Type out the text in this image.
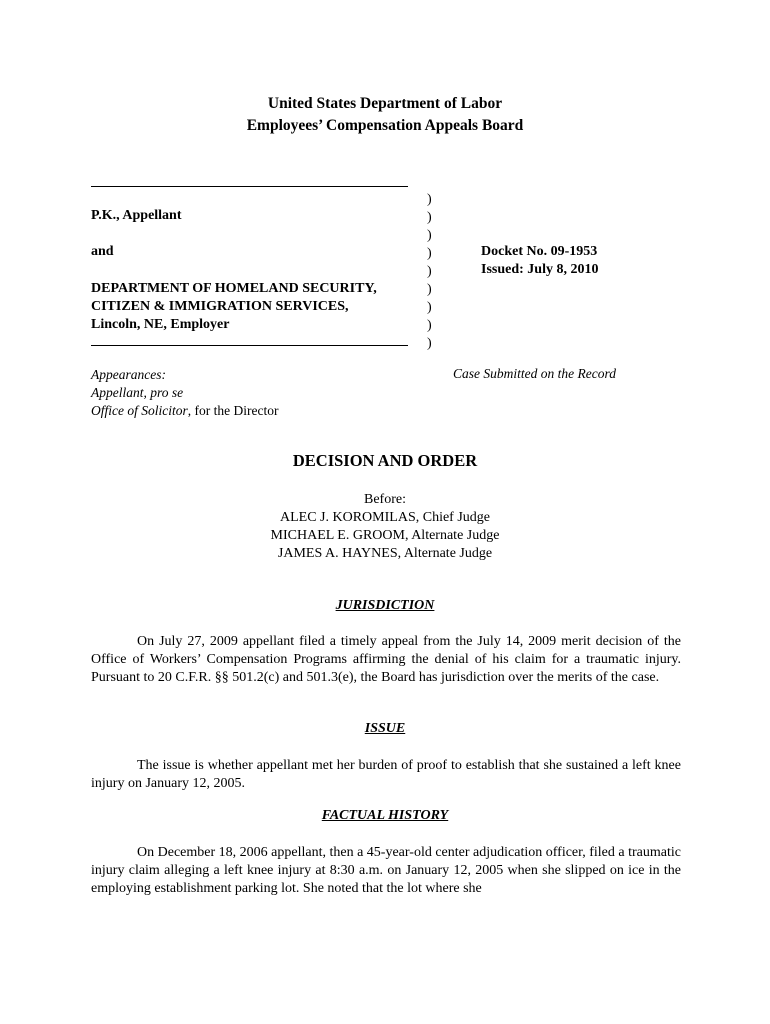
United States Department of Labor
Employees’ Compensation Appeals Board
P.K., Appellant
and
DEPARTMENT OF HOMELAND SECURITY,
CITIZEN & IMMIGRATION SERVICES,
Lincoln, NE, Employer
)
)
)
)
)
)
)
)
)
Docket No. 09-1953
Issued: July 8, 2010
Appearances:
Appellant, pro se
Office of Solicitor, for the Director
Case Submitted on the Record
DECISION AND ORDER
Before:
ALEC J. KOROMILAS, Chief Judge
MICHAEL E. GROOM, Alternate Judge
JAMES A. HAYNES, Alternate Judge
JURISDICTION
On July 27, 2009 appellant filed a timely appeal from the July 14, 2009 merit decision of the Office of Workers’ Compensation Programs affirming the denial of his claim for a traumatic injury. Pursuant to 20 C.F.R. §§ 501.2(c) and 501.3(e), the Board has jurisdiction over the merits of the case.
ISSUE
The issue is whether appellant met her burden of proof to establish that she sustained a left knee injury on January 12, 2005.
FACTUAL HISTORY
On December 18, 2006 appellant, then a 45-year-old center adjudication officer, filed a traumatic injury claim alleging a left knee injury at 8:30 a.m. on January 12, 2005 when she slipped on ice in the employing establishment parking lot. She noted that the lot where she
